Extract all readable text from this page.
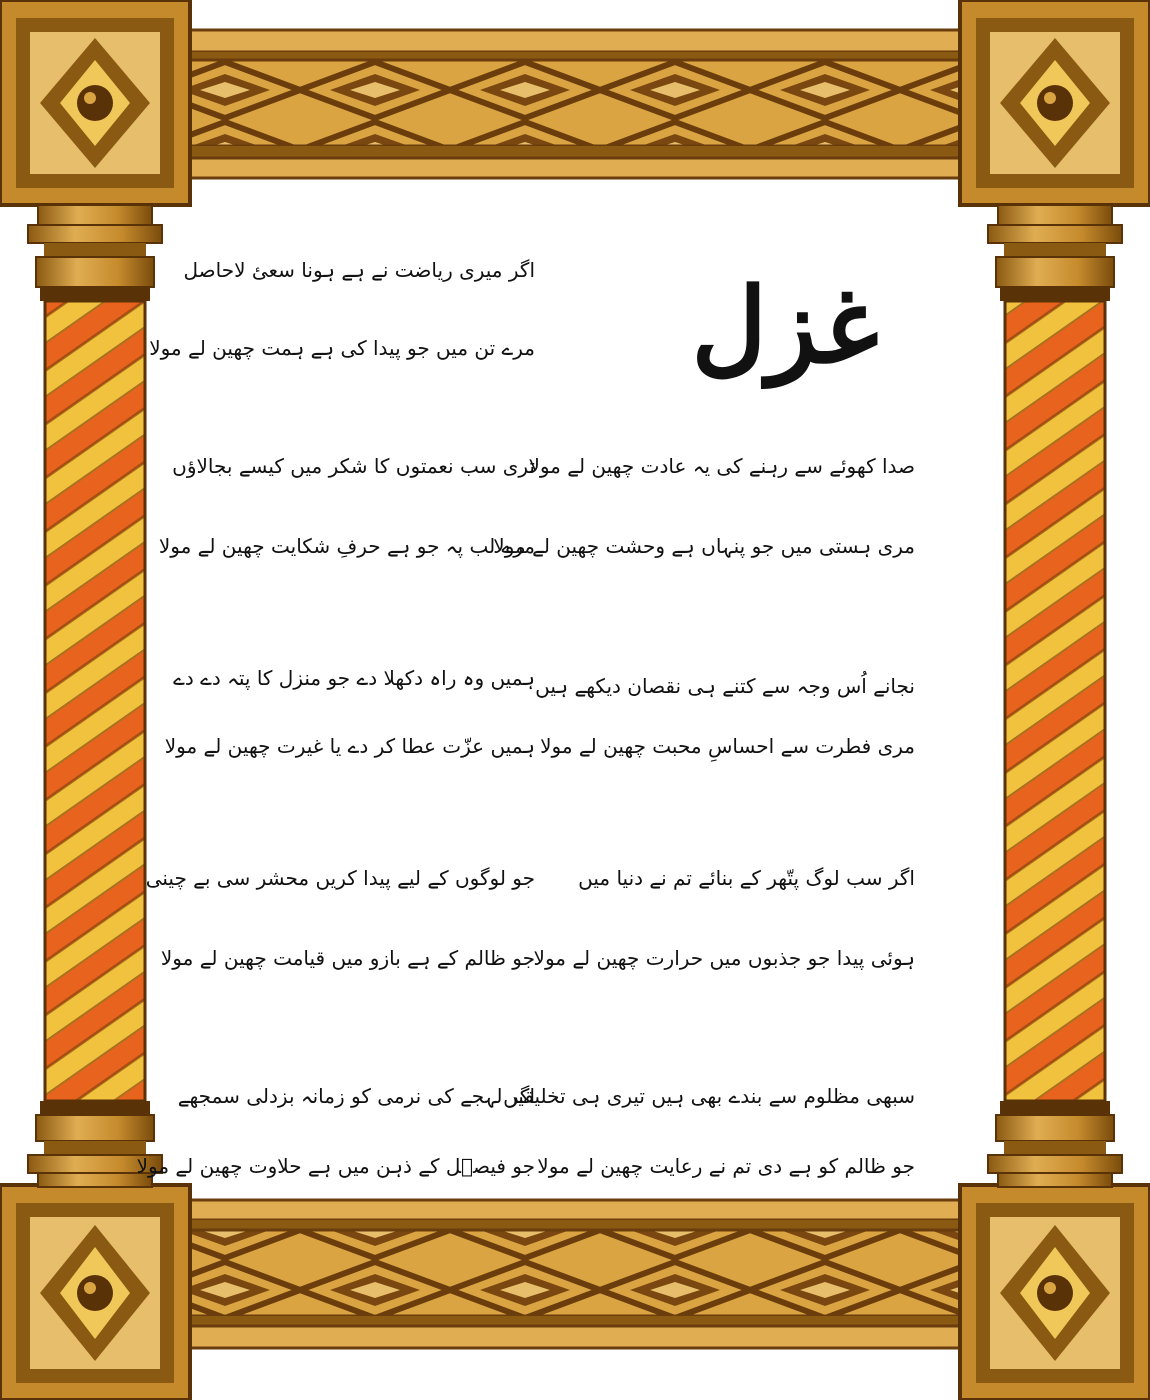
غزل
صدا کھوئے سے رہنے کی یہ عادت چھین لے مولا
مری ہستی میں جو پنہاں ہے وحشت چھین لے مولا
نجانے اُس وجہ سے کتنے ہی نقصان دیکھے ہیں
مری فطرت سے احساسِ محبت چھین لے مولا
اگر سب لوگ پتّھر کے بنائے تم نے دنیا میں
ہوئی پیدا جو جذبوں میں حرارت چھین لے مولا
سبھی مظلوم سے بندے بھی ہیں تیری ہی تخلیقیں
جو ظالم کو ہے دی تم نے رعایت چھین لے مولا
اگر میری ریاضت نے ہے ہونا سعئ لاحاصل
مرے تن میں جو پیدا کی ہے ہمت چھین لے مولا
تری سب نعمتوں کا شکر میں کیسے بجالاؤں
مرے لب پہ جو ہے حرفِ شکایت چھین لے مولا
ہمیں وہ راہ دکھلا دے جو منزل کا پتہ دے دے
ہمیں عزّت عطا کر دے یا غیرت چھین لے مولا
جو لوگوں کے لیے پیدا کریں محشر سی بے چینی
جو ظالم کے ہے بازو میں قیامت چھین لے مولا
اگر لہجے کی نرمی کو زمانہ بزدلی سمجھے
جو فیصؔل کے ذہن میں ہے حلاوت چھین لے مولا
